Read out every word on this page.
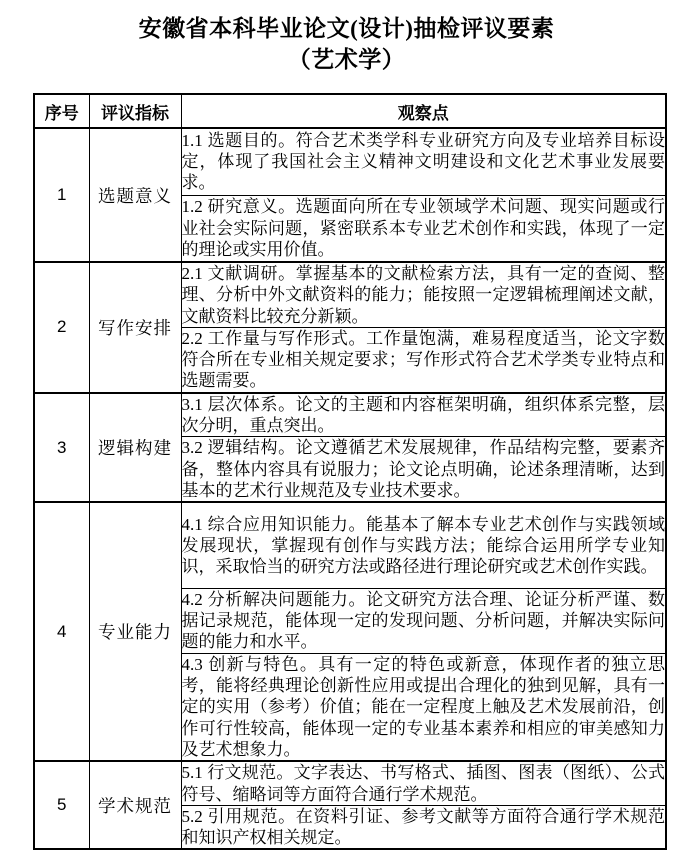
安徽省本科毕业论文(设计)抽检评议要素
（艺术学）
序号	评议指标	观察点
1	选题意义	1.1 选题目的。符合艺术类学科专业研究方向及专业培养目标设定，体现了我国社会主义精神文明建设和文化艺术事业发展要求。
		1.2 研究意义。选题面向所在专业领域学术问题、现实问题或行业社会实际问题，紧密联系本专业艺术创作和实践，体现了一定的理论或实用价值。
2	写作安排	2.1 文献调研。掌握基本的文献检索方法，具有一定的查阅、整理、分析中外文献资料的能力；能按照一定逻辑梳理阐述文献，文献资料比较充分新颖。
		2.2 工作量与写作形式。工作量饱满，难易程度适当，论文字数符合所在专业相关规定要求；写作形式符合艺术学类专业特点和选题需要。
3	逻辑构建	3.1 层次体系。论文的主题和内容框架明确，组织体系完整，层次分明，重点突出。
		3.2 逻辑结构。论文遵循艺术发展规律，作品结构完整，要素齐备，整体内容具有说服力；论文论点明确，论述条理清晰，达到基本的艺术行业规范及专业技术要求。
4	专业能力	4.1 综合应用知识能力。能基本了解本专业艺术创作与实践领域发展现状，掌握现有创作与实践方法；能综合运用所学专业知识，采取恰当的研究方法或路径进行理论研究或艺术创作实践。
		4.2 分析解决问题能力。论文研究方法合理、论证分析严谨、数据记录规范，能体现一定的发现问题、分析问题，并解决实际问题的能力和水平。
		4.3 创新与特色。具有一定的特色或新意，体现作者的独立思考，能将经典理论创新性应用或提出合理化的独到见解，具有一定的实用（参考）价值；能在一定程度上触及艺术发展前沿，创作可行性较高，能体现一定的专业基本素养和相应的审美感知力及艺术想象力。
5	学术规范	5.1 行文规范。文字表达、书写格式、插图、图表（图纸）、公式符号、缩略词等方面符合通行学术规范。
		5.2 引用规范。在资料引证、参考文献等方面符合通行学术规范和知识产权相关规定。
